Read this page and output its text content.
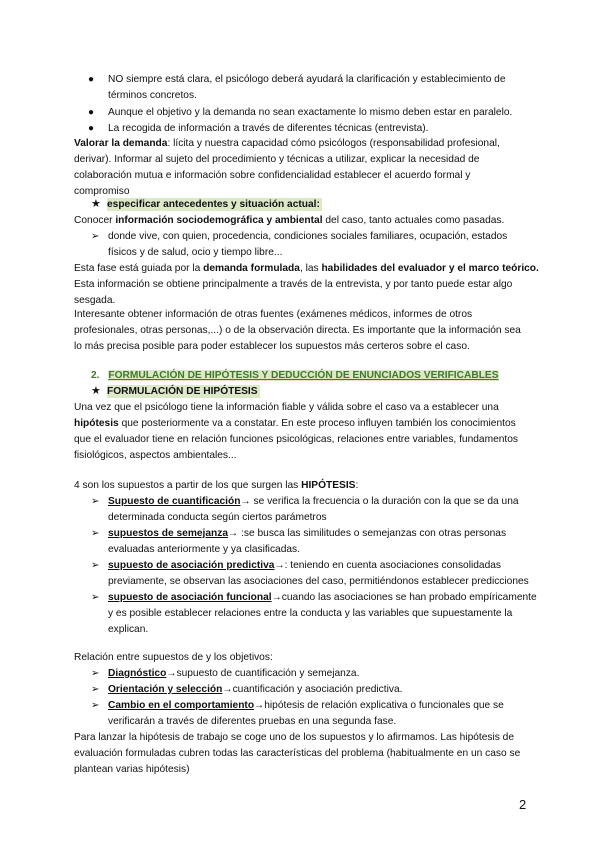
● NO siempre está clara, el psicólogo deberá ayudará la clarificación y establecimiento de
términos concretos.
● Aunque el objetivo y la demanda no sean exactamente lo mismo deben estar en paralelo.
● La recogida de información a través de diferentes técnicas (entrevista).
Valorar la demanda: lícita y nuestra capacidad cómo psicólogos (responsabilidad profesional,
derivar). Informar al sujeto del procedimiento y técnicas a utilizar, explicar la necesidad de
colaboración mutua e información sobre confidencialidad establecer el acuerdo formal y
compromiso
★ especificar antecedentes y situación actual:
Conocer información sociodemográfica y ambiental del caso, tanto actuales como pasadas.
➢ donde vive, con quien, procedencia, condiciones sociales familiares, ocupación, estados
físicos y de salud, ocio y tiempo libre...
Esta fase está guiada por la demanda formulada, las habilidades del evaluador y el marco teórico.
Esta información se obtiene principalmente a través de la entrevista, y por tanto puede estar algo
sesgada.
Interesante obtener información de otras fuentes (exámenes médicos, informes de otros
profesionales, otras personas,...) o de la observación directa. Es importante que la información sea
lo más precisa posible para poder establecer los supuestos más certeros sobre el caso.
2. FORMULACIÓN DE HIPÓTESIS Y DEDUCCIÓN DE ENUNCIADOS VERIFICABLES
★ FORMULACIÓN DE HIPÓTESIS
Una vez que el psicólogo tiene la información fiable y válida sobre el caso va a establecer una
hipótesis que posteriormente va a constatar. En este proceso influyen también los conocimientos
que el evaluador tiene en relación funciones psicológicas, relaciones entre variables, fundamentos
fisiológicos, aspectos ambientales...
4 son los supuestos a partir de los que surgen las HIPÓTESIS:
➢ Supuesto de cuantificación→ se verifica la frecuencia o la duración con la que se da una
determinada conducta según ciertos parámetros
➢ supuestos de semejanza→ :se busca las similitudes o semejanzas con otras personas
evaluadas anteriormente y ya clasificadas.
➢ supuesto de asociación predictiva→: teniendo en cuenta asociaciones consolidadas
previamente, se observan las asociaciones del caso, permitiéndonos establecer predicciones
➢ supuesto de asociación funcional→cuando las asociaciones se han probado empíricamente
y es posible establecer relaciones entre la conducta y las variables que supuestamente la
explican.
Relación entre supuestos de y los objetivos:
➢ Diagnóstico→supuesto de cuantificación y semejanza.
➢ Orientación y selección→cuantificación y asociación predictiva.
➢ Cambio en el comportamiento→hipótesis de relación explicativa o funcionales que se
verificarán a través de diferentes pruebas en una segunda fase.
Para lanzar la hipótesis de trabajo se coge uno de los supuestos y lo afirmamos. Las hipótesis de
evaluación formuladas cubren todas las características del problema (habitualmente en un caso se
plantean varias hipótesis)
2
